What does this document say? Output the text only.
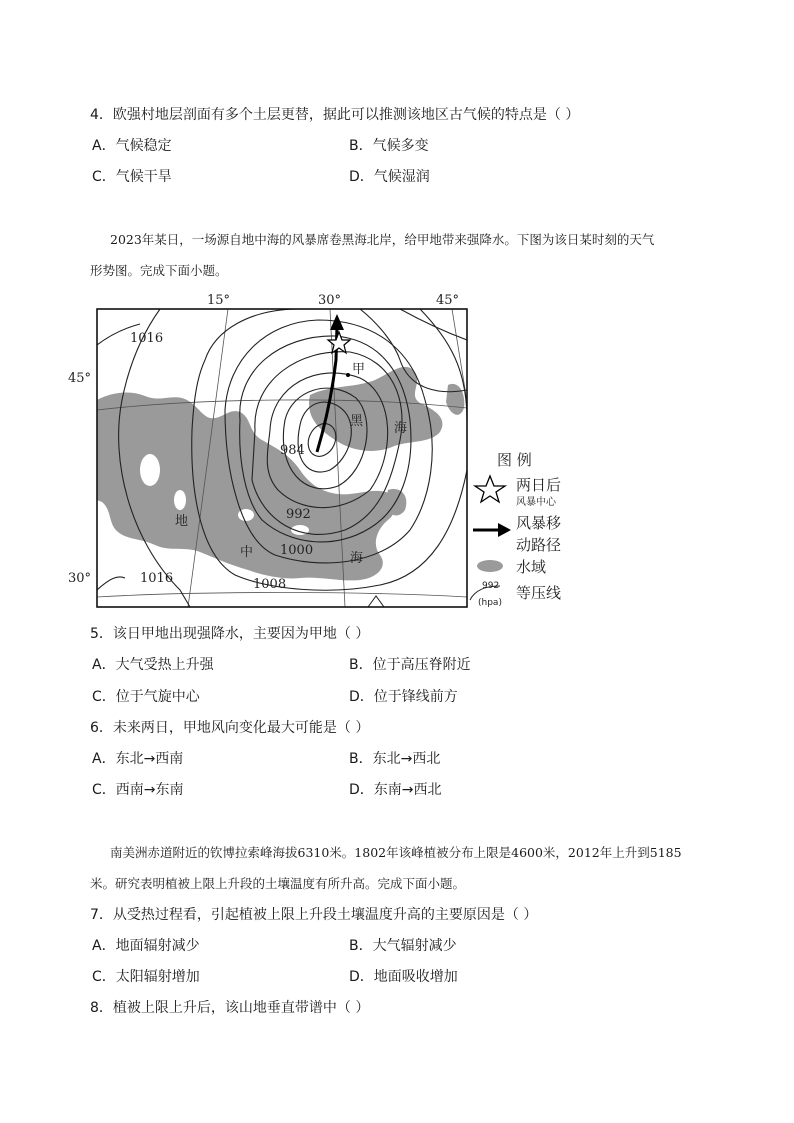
4．欧强村地层剖面有多个土层更替，据此可以推测该地区古气候的特点是（ ）
A．气候稳定	B．气候多变
C．气候干旱	D．气候湿润
2023年某日，一场源自地中海的风暴席卷黑海北岸，给甲地带来强降水。下图为该日某时刻的天气
形势图。完成下面小题。
15°	30°	45°
45°
30°
1016
984
992
1000
1008
1016
甲
黑 海
地
中	海
图 例
两日后
风暴中心
风暴移
动路径
水域
992
(hpa)
等压线
5．该日甲地出现强降水，主要因为甲地（ ）
A．大气受热上升强	B．位于高压脊附近
C．位于气旋中心	D．位于锋线前方
6．未来两日，甲地风向变化最大可能是（ ）
A．东北→西南	B．东北→西北
C．西南→东南	D．东南→西北
南美洲赤道附近的钦博拉索峰海拔6310米。1802年该峰植被分布上限是4600米，2012年上升到5185
米。研究表明植被上限上升段的土壤温度有所升高。完成下面小题。
7．从受热过程看，引起植被上限上升段土壤温度升高的主要原因是（ ）
A．地面辐射减少	B．大气辐射减少
C．太阳辐射增加	D．地面吸收增加
8．植被上限上升后，该山地垂直带谱中（ ）
